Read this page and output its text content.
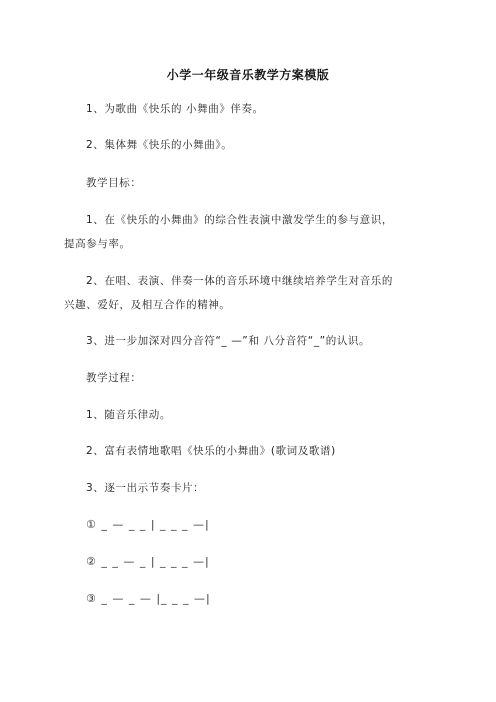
小学一年级音乐教学方案模版
1、为歌曲《快乐的 小舞曲》伴奏。
2、集体舞《快乐的小舞曲》。
教学目标：
1、在《快乐的小舞曲》的综合性表演中激发学生的参与意识，
提高参与率。
2、在唱、表演、伴奏一体的音乐环境中继续培养学生对音乐的
兴趣、爱好，及相互合作的精神。
3、进一步加深对四分音符“_ —”和 八分音符“_”的认识。
教学过程：
1、随音乐律动。
2、富有表情地歌唱《快乐的小舞曲》(歌词及歌谱)
3、逐一出示节奏卡片：
① _ — _ _ | _ _ _ —|
② _ _ — _ | _ _ _ —|
③ _ — _ — |_ _ _ —|
